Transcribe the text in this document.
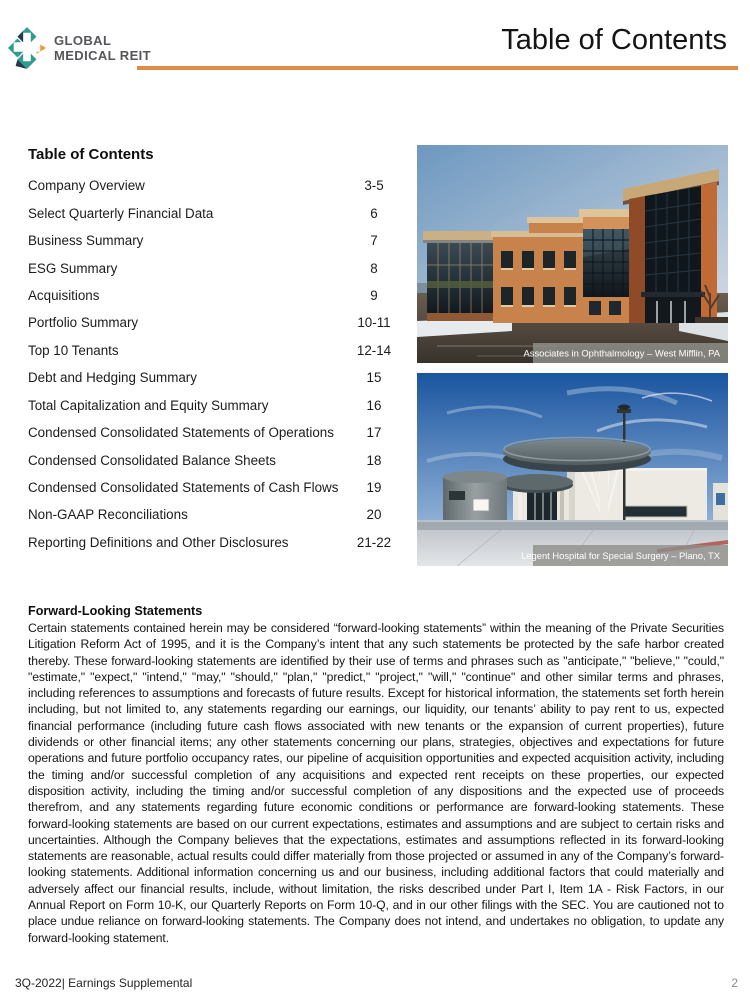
GLOBAL
MEDICAL REIT	Table of Contents
Table of Contents
Company Overview	3-5
Select Quarterly Financial Data	6
Business Summary	7
ESG Summary	8
Acquisitions	9
Portfolio Summary	10-11
Top 10 Tenants	12-14
Debt and Hedging Summary	15
Total Capitalization and Equity Summary	16
Condensed Consolidated Statements of Operations	17
Condensed Consolidated Balance Sheets	18
Condensed Consolidated Statements of Cash Flows	19
Non-GAAP Reconciliations	20
Reporting Definitions and Other Disclosures	21-22
Associates in Ophthalmology – West Mifflin, PA
Legent Hospital for Special Surgery – Plano, TX

Forward-Looking Statements

Certain statements contained herein may be considered “forward-looking statements” within the meaning of the Private Securities Litigation Reform Act of 1995, and it is the Company’s intent that any such statements be protected by the safe harbor created thereby. These forward-looking statements are identified by their use of terms and phrases such as "anticipate," "believe," "could," "estimate," "expect," "intend," "may," "should," "plan," "predict," "project," "will," "continue" and other similar terms and phrases, including references to assumptions and forecasts of future results. Except for historical information, the statements set forth herein including, but not limited to, any statements regarding our earnings, our liquidity, our tenants’ ability to pay rent to us, expected financial performance (including future cash flows associated with new tenants or the expansion of current properties), future dividends or other financial items; any other statements concerning our plans, strategies, objectives and expectations for future operations and future portfolio occupancy rates, our pipeline of acquisition opportunities and expected acquisition activity, including the timing and/or successful completion of any acquisitions and expected rent receipts on these properties, our expected disposition activity, including the timing and/or successful completion of any dispositions and the expected use of proceeds therefrom, and any statements regarding future economic conditions or performance are forward-looking statements. These forward-looking statements are based on our current expectations, estimates and assumptions and are subject to certain risks and uncertainties. Although the Company believes that the expectations, estimates and assumptions reflected in its forward-looking statements are reasonable, actual results could differ materially from those projected or assumed in any of the Company’s forward-looking statements. Additional information concerning us and our business, including additional factors that could materially and adversely affect our financial results, include, without limitation, the risks described under Part I, Item 1A - Risk Factors, in our Annual Report on Form 10-K, our Quarterly Reports on Form 10-Q, and in our other filings with the SEC. You are cautioned not to place undue reliance on forward-looking statements. The Company does not intend, and undertakes no obligation, to update any forward-looking statement.

3Q-2022| Earnings Supplemental	2
